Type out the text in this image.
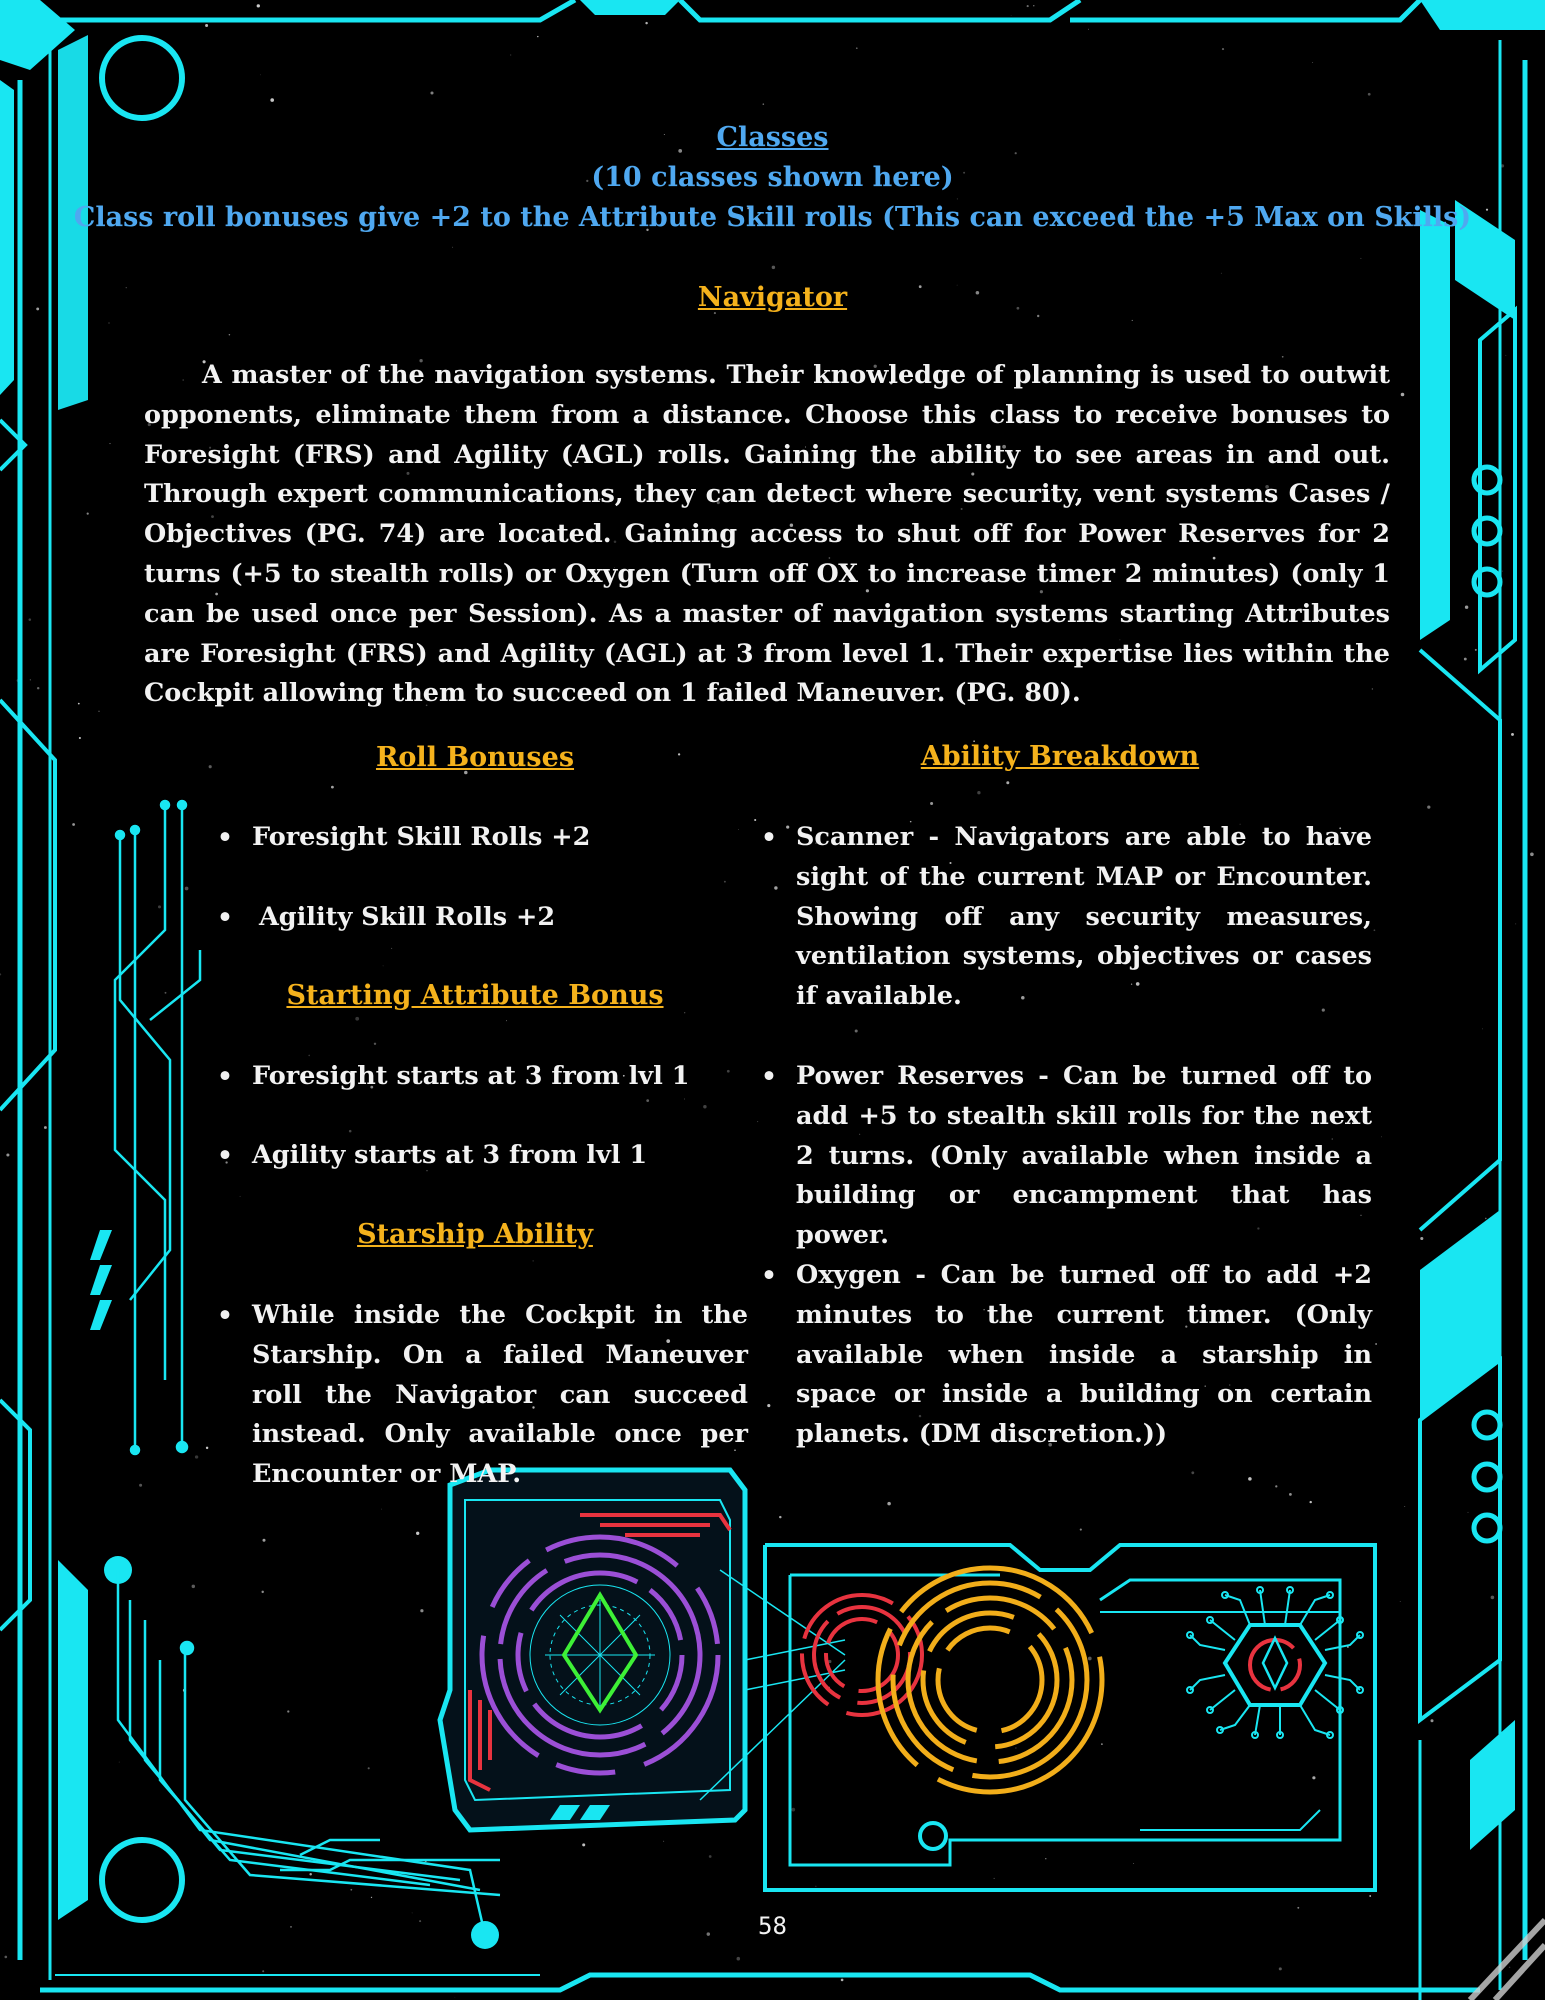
Classes
(10 classes shown here)
Class roll bonuses give +2 to the Attribute Skill rolls (This can exceed the +5 Max on Skills)
Navigator

A master of the navigation systems. Their knowledge of planning is used to outwit opponents, eliminate them from a distance. Choose this class to receive bonuses to Foresight (FRS) and Agility (AGL) rolls. Gaining the ability to see areas in and out. Through expert communications, they can detect where security, vent systems Cases / Objectives (PG. 74) are located. Gaining access to shut off for Power Reserves for 2 turns (+5 to stealth rolls) or Oxygen (Turn off OX to increase timer 2 minutes) (only 1 can be used once per Session). As a master of navigation systems starting Attributes are Foresight (FRS) and Agility (AGL) at 3 from level 1. Their expertise lies within the Cockpit allowing them to succeed on 1 failed Maneuver. (PG. 80).

Roll Bonuses
• Foresight Skill Rolls +2
• Agility Skill Rolls +2
Starting Attribute Bonus
• Foresight starts at 3 from lvl 1
• Agility starts at 3 from lvl 1
Starship Ability
• While inside the Cockpit in the Starship. On a failed Maneuver roll the Navigator can succeed instead. Only available once per Encounter or MAP.
Ability Breakdown
• Scanner - Navigators are able to have sight of the current MAP or Encounter. Showing off any security measures, ventilation systems, objectives or cases if available.
• Power Reserves - Can be turned off to add +5 to stealth skill rolls for the next 2 turns. (Only available when inside a building or encampment that has power.
• Oxygen - Can be turned off to add +2 minutes to the current timer. (Only available when inside a starship in space or inside a building on certain planets. (DM discretion.))
58
